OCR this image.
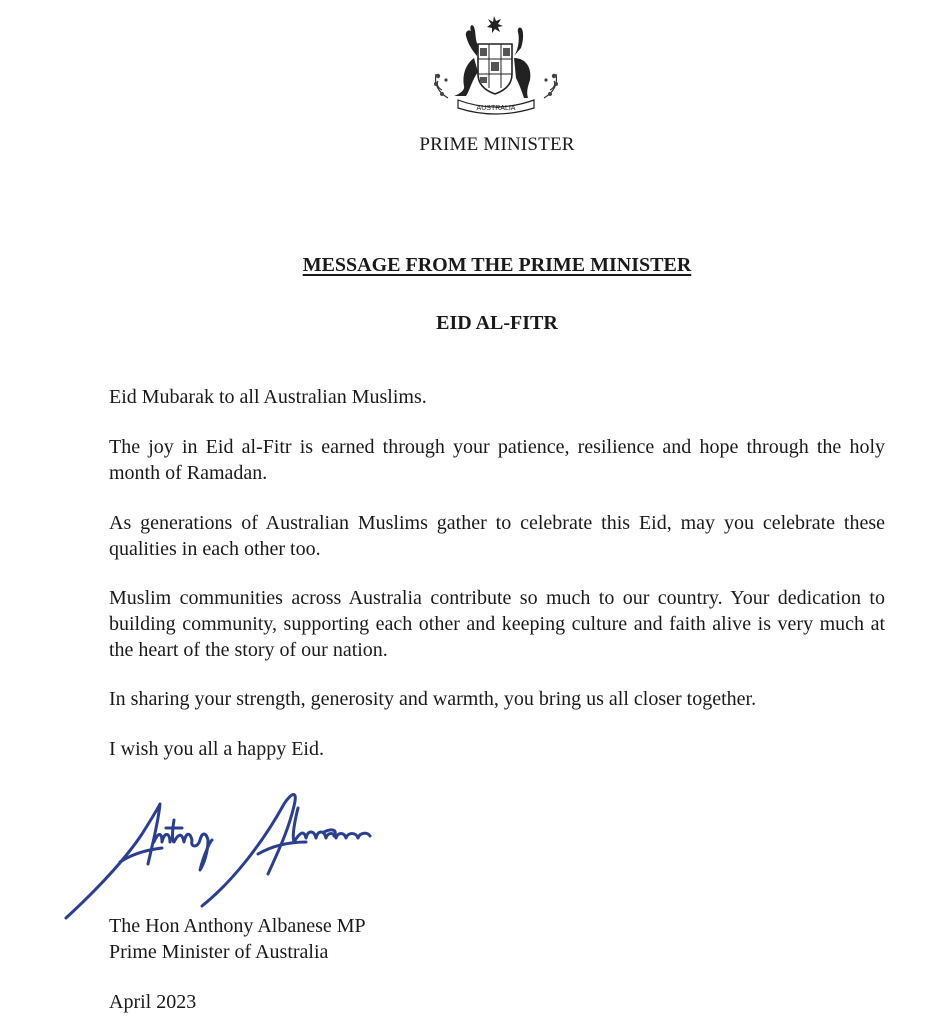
AUSTRALIA
PRIME MINISTER
MESSAGE FROM THE PRIME MINISTER
EID AL-FITR

Eid Mubarak to all Australian Muslims.

The joy in Eid al-Fitr is earned through your patience, resilience and hope through the holy month of Ramadan.

As generations of Australian Muslims gather to celebrate this Eid, may you celebrate these qualities in each other too.

Muslim communities across Australia contribute so much to our country. Your dedication to building community, supporting each other and keeping culture and faith alive is very much at the heart of the story of our nation.

In sharing your strength, generosity and warmth, you bring us all closer together.

I wish you all a happy Eid.

The Hon Anthony Albanese MP
Prime Minister of Australia
April 2023
